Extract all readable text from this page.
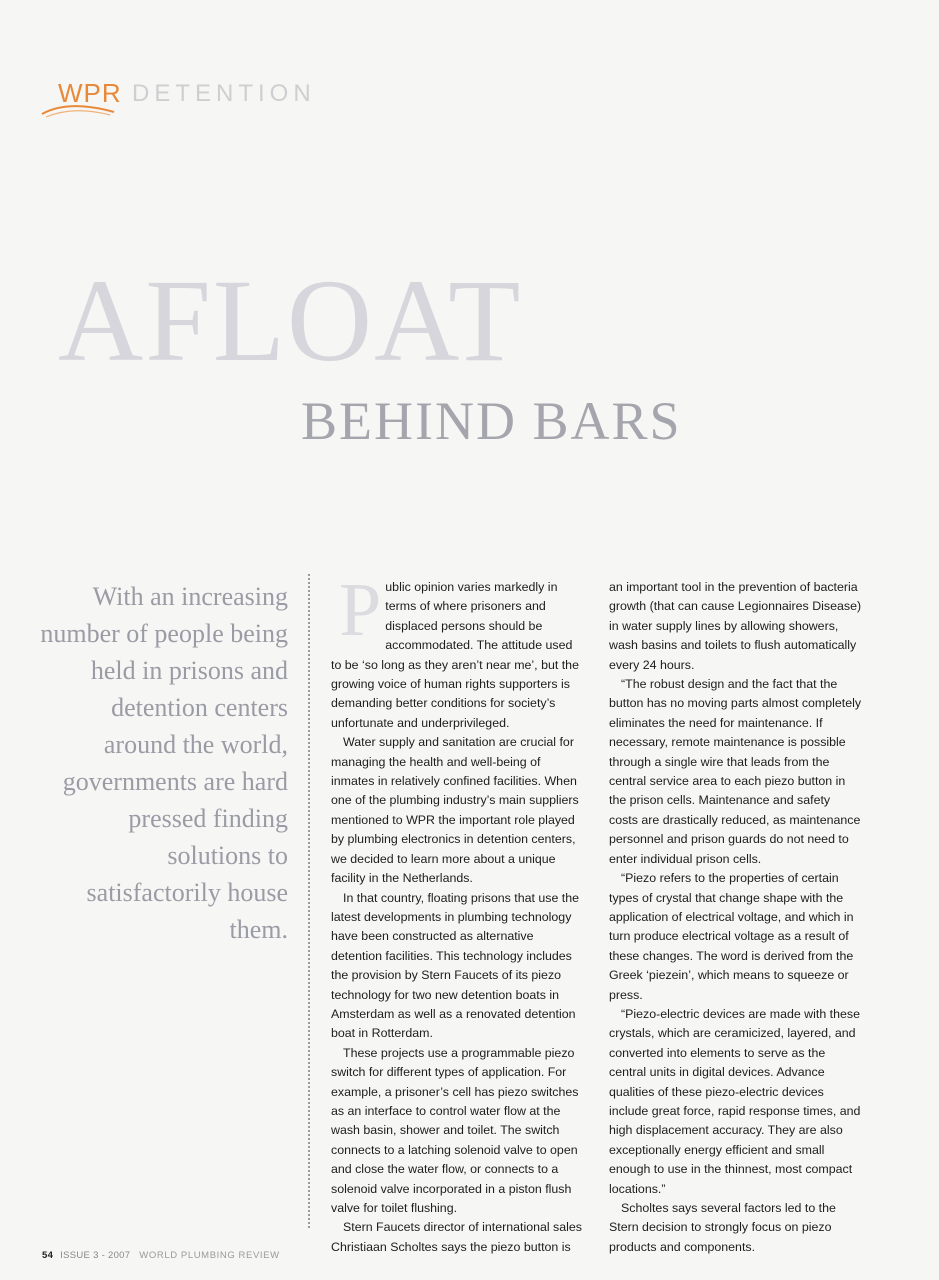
WPR DETENTION
AFLOAT
BEHIND BARS
With an increasing number of people being held in prisons and detention centers around the world, governments are hard pressed finding solutions to satisfactorily house them.
P ublic opinion varies markedly in terms of where prisoners and displaced persons should be accommodated. The attitude used to be ‘so long as they aren’t near me’, but the growing voice of human rights supporters is demanding better conditions for society’s unfortunate and underprivileged.

Water supply and sanitation are crucial for managing the health and well-being of inmates in relatively confined facilities. When one of the plumbing industry’s main suppliers mentioned to WPR the important role played by plumbing electronics in detention centers, we decided to learn more about a unique facility in the Netherlands.

In that country, floating prisons that use the latest developments in plumbing technology have been constructed as alternative detention facilities. This technology includes the provision by Stern Faucets of its piezo technology for two new detention boats in Amsterdam as well as a renovated detention boat in Rotterdam.

These projects use a programmable piezo switch for different types of application. For example, a prisoner’s cell has piezo switches as an interface to control water flow at the wash basin, shower and toilet. The switch connects to a latching solenoid valve to open and close the water flow, or connects to a solenoid valve incorporated in a piston flush valve for toilet flushing.

Stern Faucets director of international sales Christiaan Scholtes says the piezo button is

an important tool in the prevention of bacteria growth (that can cause Legionnaires Disease) in water supply lines by allowing showers, wash basins and toilets to flush automatically every 24 hours.

“The robust design and the fact that the button has no moving parts almost completely eliminates the need for maintenance. If necessary, remote maintenance is possible through a single wire that leads from the central service area to each piezo button in the prison cells. Maintenance and safety costs are drastically reduced, as maintenance personnel and prison guards do not need to enter individual prison cells.

“Piezo refers to the properties of certain types of crystal that change shape with the application of electrical voltage, and which in turn produce electrical voltage as a result of these changes. The word is derived from the Greek ‘piezein’, which means to squeeze or press.

“Piezo-electric devices are made with these crystals, which are ceramicized, layered, and converted into elements to serve as the central units in digital devices. Advance qualities of these piezo-electric devices include great force, rapid response times, and high displacement accuracy. They are also exceptionally energy efficient and small enough to use in the thinnest, most compact locations.”

Scholtes says several factors led to the Stern decision to strongly focus on piezo products and components.

54 ISSUE 3 - 2007 WORLD PLUMBING REVIEW
